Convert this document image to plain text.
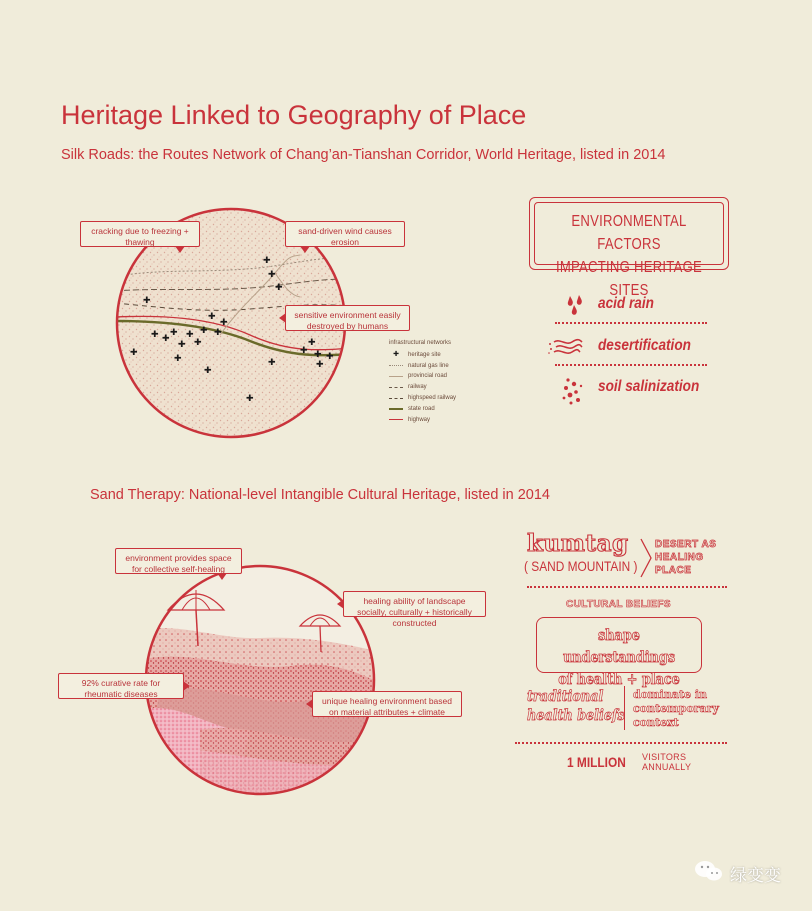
Heritage Linked to Geography of Place
Silk Roads: the Routes Network of Chang’an-Tianshan Corridor, World Heritage, listed in 2014
Sand Therapy: National-level Intangible Cultural Heritage, listed in 2014
✚
✚ ✚
✚
✚
✚
✚
✚
✚
✚
✚
✚
✚
✚
✚
✚
✚
✚
✚
✚
✚
✚
✚
✚
cracking due to freezing + thawing
sand-driven wind causes erosion
sensitive environment easily destroyed by humans
infrastructural networks
✚	heritage site
natural gas line
provincial road
railway
highspeed railway
state road
highway
ENVIRONMENTAL FACTORS
IMPACTING HERITAGE SITES
acid rain
desertification
soil salinization
environment provides space for collective self-healing
healing ability of landscape socially, culturally + historically constructed
92% curative rate for rheumatic diseases
unique healing environment based on material attributes + climate
kumtag
( SAND MOUNTAIN )
DESERT AS
HEALING
PLACE
CULTURAL BELIEFS
shape understandings
of health + place
traditional
health beliefs
dominate in
contemporary
context
1 MILLION VISITORS
ANNUALLY
绿变变
